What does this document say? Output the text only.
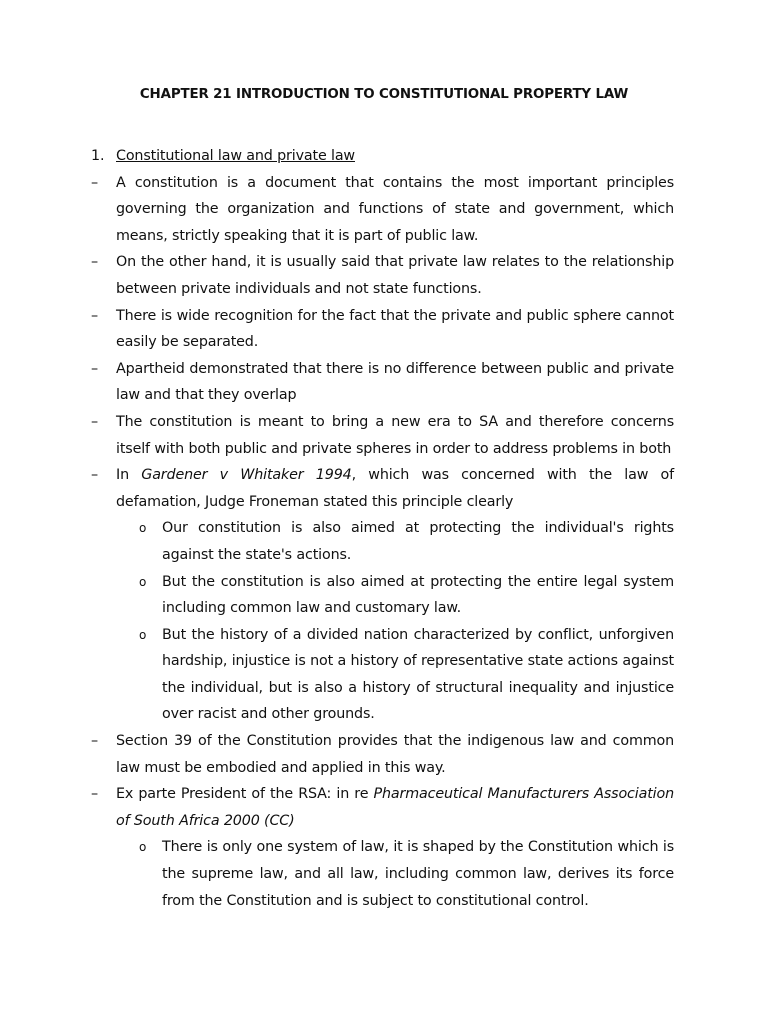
CHAPTER 21 INTRODUCTION TO CONSTITUTIONAL PROPERTY LAW
1. Constitutional law and private law
– A constitution is a document that contains the most important principles governing the organization and functions of state and government, which means, strictly speaking that it is part of public law.
– On the other hand, it is usually said that private law relates to the relationship between private individuals and not state functions.
– There is wide recognition for the fact that the private and public sphere cannot easily be separated.
– Apartheid demonstrated that there is no difference between public and private law and that they overlap
– The constitution is meant to bring a new era to SA and therefore concerns itself with both public and private spheres in order to address problems in both
– In Gardener v Whitaker 1994, which was concerned with the law of defamation, Judge Froneman stated this principle clearly
o Our constitution is also aimed at protecting the individual's rights against the state's actions.
o But the constitution is also aimed at protecting the entire legal system including common law and customary law.
o But the history of a divided nation characterized by conflict, unforgiven hardship, injustice is not a history of representative state actions against the individual, but is also a history of structural inequality and injustice over racist and other grounds.
– Section 39 of the Constitution provides that the indigenous law and common law must be embodied and applied in this way.
– Ex parte President of the RSA: in re Pharmaceutical Manufacturers Association of South Africa 2000 (CC)
o There is only one system of law, it is shaped by the Constitution which is the supreme law, and all law, including common law, derives its force from the Constitution and is subject to constitutional control.
